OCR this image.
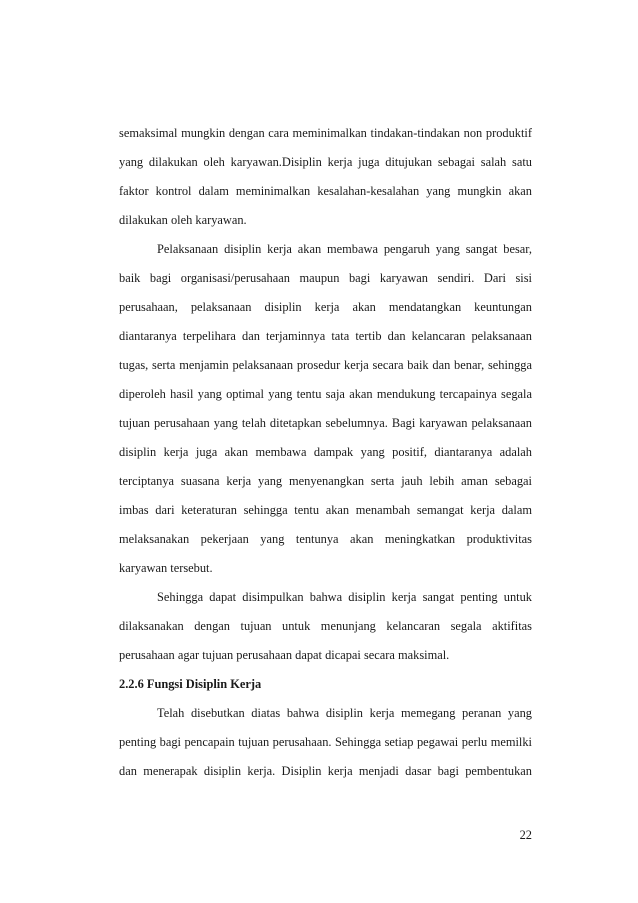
semaksimal mungkin dengan cara meminimalkan tindakan-tindakan non produktif
yang dilakukan oleh karyawan.Disiplin kerja juga ditujukan sebagai salah satu
faktor kontrol dalam meminimalkan kesalahan-kesalahan yang mungkin akan
dilakukan oleh karyawan.
Pelaksanaan disiplin kerja akan membawa pengaruh yang sangat besar,
baik bagi organisasi/perusahaan maupun bagi karyawan sendiri. Dari sisi
perusahaan, pelaksanaan disiplin kerja akan mendatangkan keuntungan
diantaranya terpelihara dan terjaminnya tata tertib dan kelancaran pelaksanaan
tugas, serta menjamin pelaksanaan prosedur kerja secara baik dan benar, sehingga
diperoleh hasil yang optimal yang tentu saja akan mendukung tercapainya segala
tujuan perusahaan yang telah ditetapkan sebelumnya. Bagi karyawan pelaksanaan
disiplin kerja juga akan membawa dampak yang positif, diantaranya adalah
terciptanya suasana kerja yang menyenangkan serta jauh lebih aman sebagai
imbas dari keteraturan sehingga tentu akan menambah semangat kerja dalam
melaksanakan pekerjaan yang tentunya akan meningkatkan produktivitas
karyawan tersebut.
Sehingga dapat disimpulkan bahwa disiplin kerja sangat penting untuk
dilaksanakan dengan tujuan untuk menunjang kelancaran segala aktifitas
perusahaan agar tujuan perusahaan dapat dicapai secara maksimal.
2.2.6 Fungsi Disiplin Kerja
Telah disebutkan diatas bahwa disiplin kerja memegang peranan yang
penting bagi pencapain tujuan perusahaan. Sehingga setiap pegawai perlu memilki
dan menerapak disiplin kerja. Disiplin kerja menjadi dasar bagi pembentukan
22
